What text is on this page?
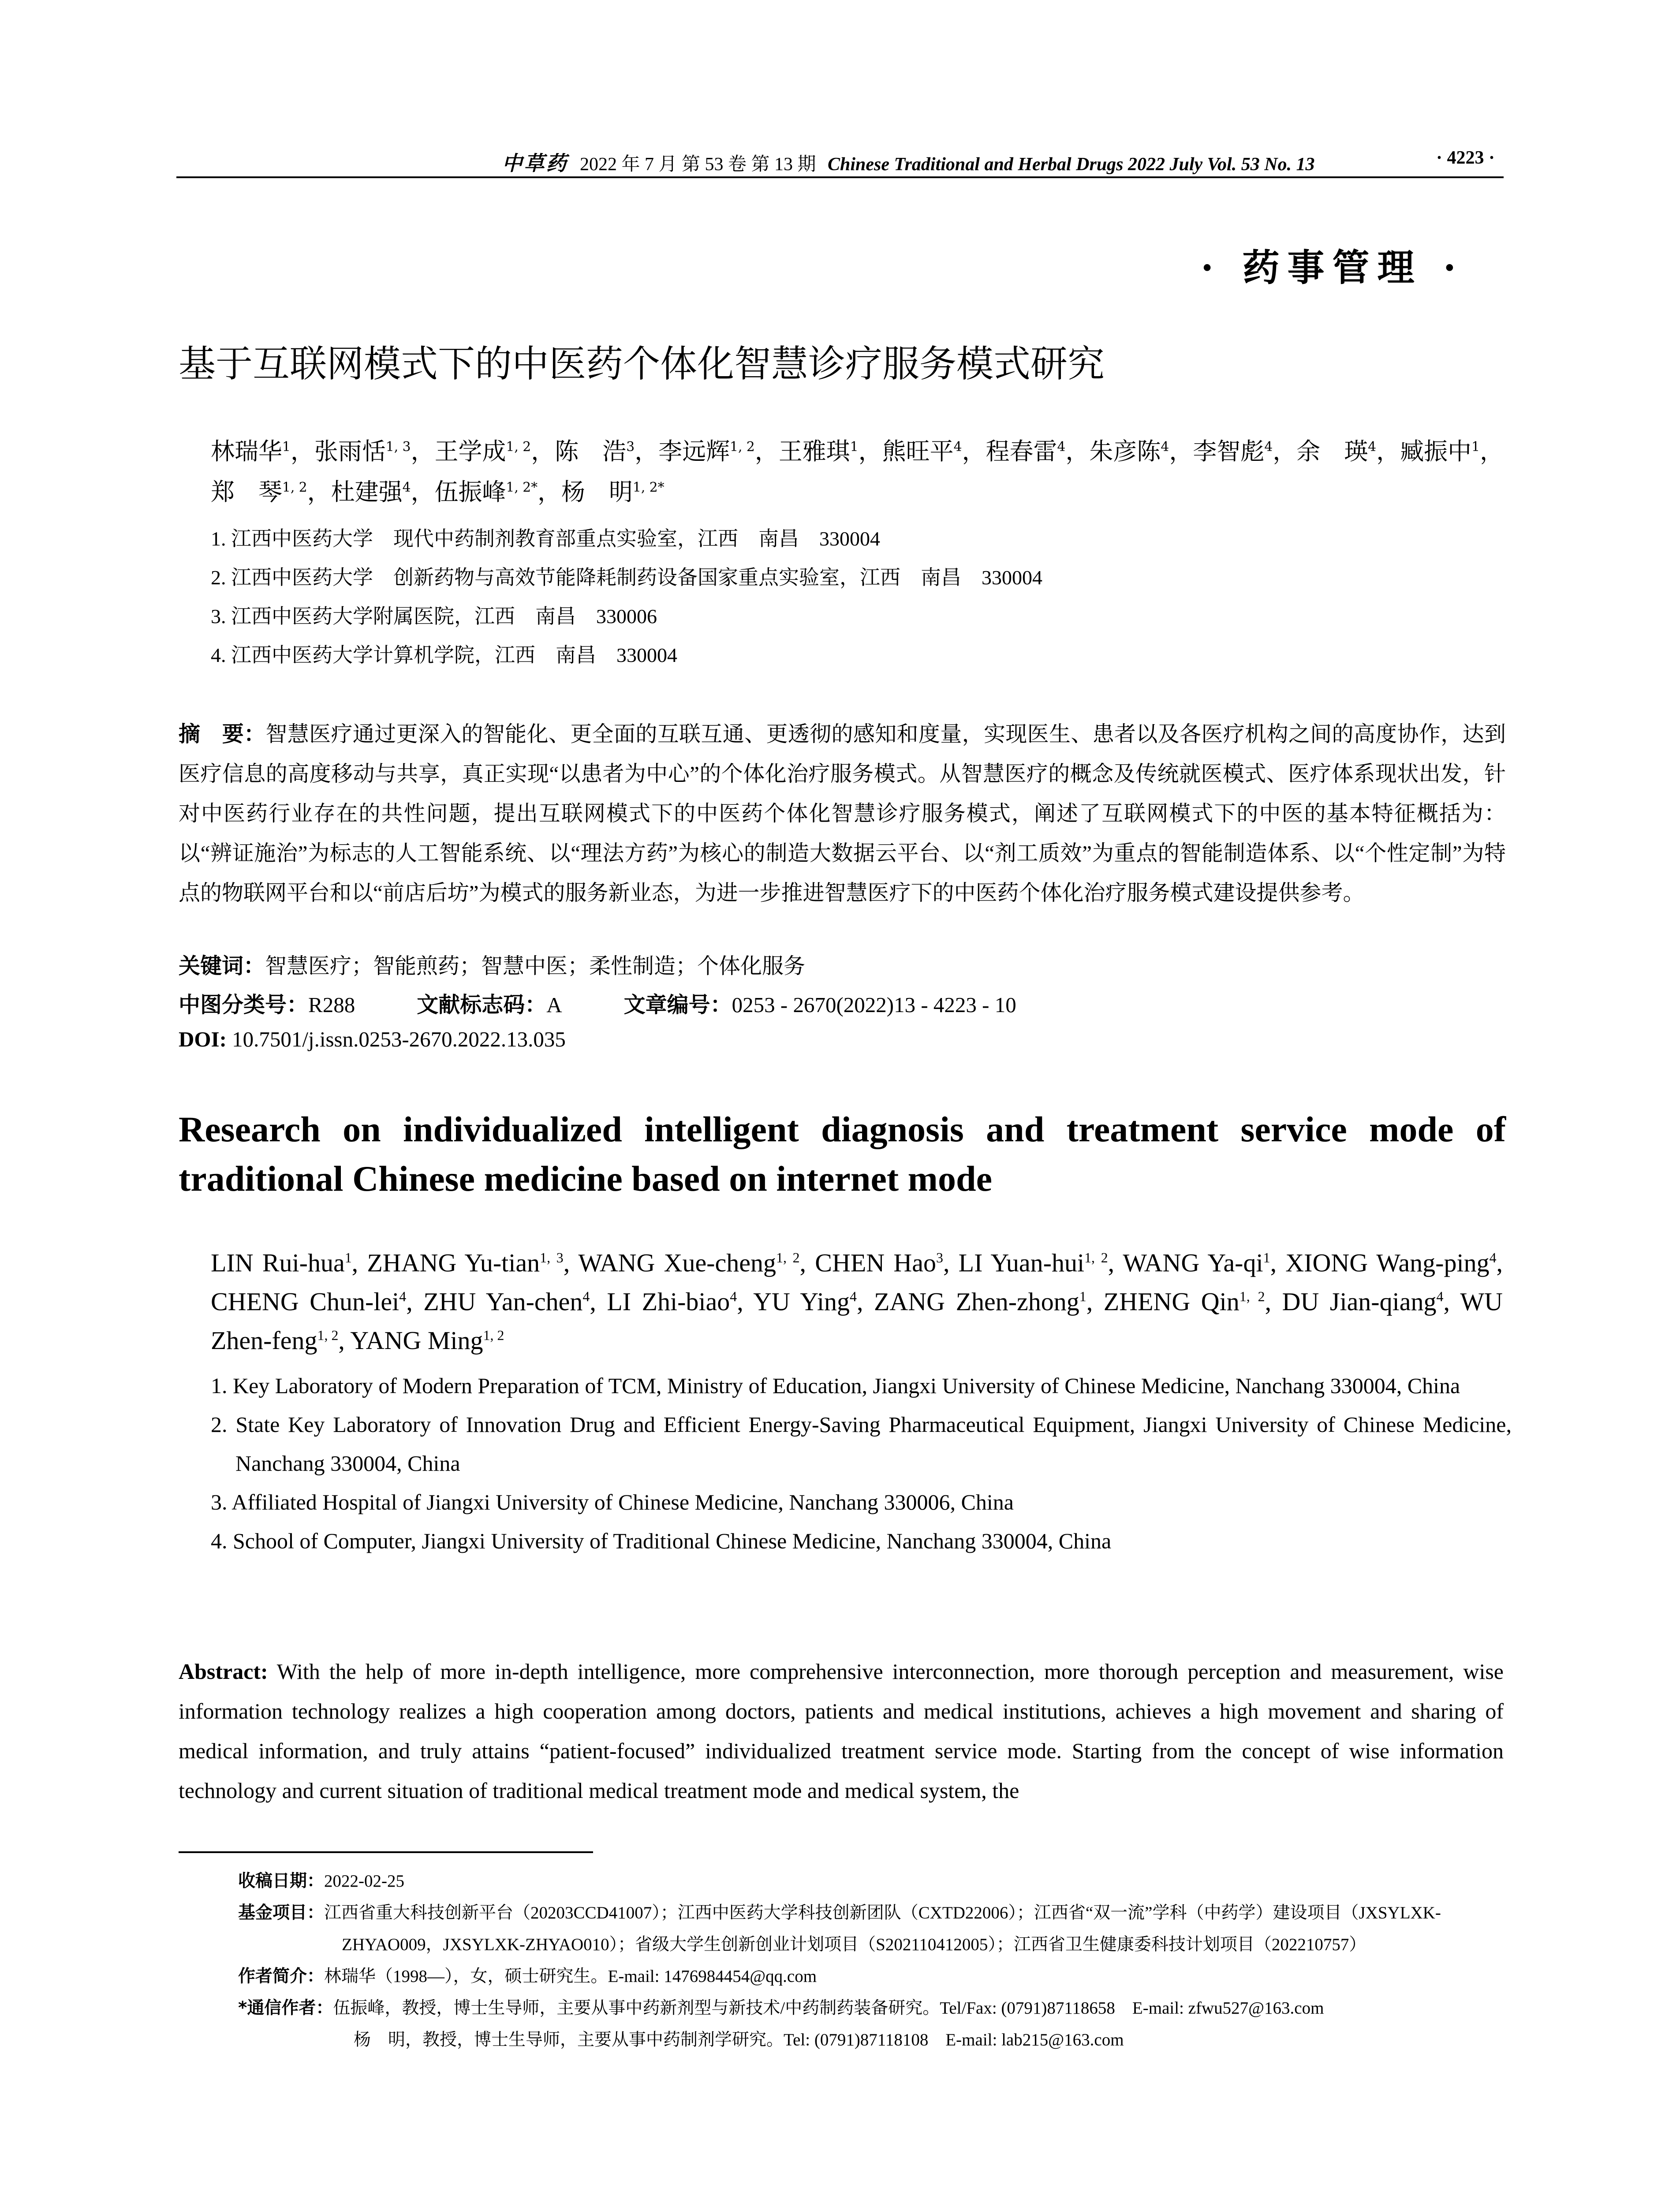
中草药 2022 年 7 月 第 53 卷 第 13 期 Chinese Traditional and Herbal Drugs 2022 July Vol. 53 No. 13	· 4223 ·
· 药事管理 ·
基于互联网模式下的中医药个体化智慧诊疗服务模式研究
林瑞华$^1$，张雨恬$^{1, 3}$，王学成$^{1, 2}$，陈　浩$^3$，李远辉$^{1, 2}$，王雅琪$^1$，熊旺平$^4$，程春雷$^4$，朱彦陈$^4$，李智彪$^4$，余　瑛$^4$，臧振中$^1$，郑　琴$^{1, 2}$，杜建强$^4$，伍振峰$^{1, 2*}$，杨　明$^{1, 2*}$
1. 江西中医药大学　现代中药制剂教育部重点实验室，江西　南昌　330004
2. 江西中医药大学　创新药物与高效节能降耗制药设备国家重点实验室，江西　南昌　330004
3. 江西中医药大学附属医院，江西　南昌　330006
4. 江西中医药大学计算机学院，江西　南昌　330004

摘　要：智慧医疗通过更深入的智能化、更全面的互联互通、更透彻的感知和度量，实现医生、患者以及各医疗机构之间的高度协作，达到医疗信息的高度移动与共享，真正实现“以患者为中心”的个体化治疗服务模式。从智慧医疗的概念及传统就医模式、医疗体系现状出发，针对中医药行业存在的共性问题，提出互联网模式下的中医药个体化智慧诊疗服务模式，阐述了互联网模式下的中医的基本特征概括为：以“辨证施治”为标志的人工智能系统、以“理法方药”为核心的制造大数据云平台、以“剂工质效”为重点的智能制造体系、以“个性定制”为特点的物联网平台和以“前店后坊”为模式的服务新业态，为进一步推进智慧医疗下的中医药个体化治疗服务模式建设提供参考。

关键词：智慧医疗；智能煎药；智慧中医；柔性制造；个体化服务
中图分类号：R288	文献标志码：A	文章编号：0253 - 2670(2022)13 - 4223 - 10
DOI: 10.7501/j.issn.0253-2670.2022.13.035

Research on individualized intelligent diagnosis and treatment service mode of traditional Chinese medicine based on internet mode

LIN Rui-hua$^1$, ZHANG Yu-tian$^{1, 3}$, WANG Xue-cheng$^{1, 2}$, CHEN Hao$^3$, LI Yuan-hui$^{1, 2}$, WANG $Ya-qi^1$, XIONG Wang-ping$^4$, CHENG Chun-lei$^4$, ZHU Yan-chen$^4$, LI Zhi-biao$^4$, YU Ying$^4$, ZANG Zhen-zhong$^1$, ZHENG Qin$^{1, 2}$, DU Jian-qiang$^4$, WU Zhen-feng$^{1, 2}$, YANG Ming$^{1, 2}$

1. Key Laboratory of Modern Preparation of TCM, Ministry of Education, Jiangxi University of Chinese Medicine, Nanchang 330004, China
2. State Key Laboratory of Innovation Drug and Efficient Energy-Saving Pharmaceutical Equipment, Jiangxi University of Chinese Medicine, Nanchang 330004, China
3. Affiliated Hospital of Jiangxi University of Chinese Medicine, Nanchang 330006, China
4. School of Computer, Jiangxi University of Traditional Chinese Medicine, Nanchang 330004, China

Abstract: With the help of more in-depth intelligence, more comprehensive interconnection, more thorough perception and measurement, wise information technology realizes a high cooperation among doctors, patients and medical institutions, achieves a high movement and sharing of medical information, and truly attains “patient-focused” individualized treatment service mode. Starting from the concept of wise information technology and current situation of traditional medical treatment mode and medical system, the

收稿日期：2022-02-25
基金项目：江西省重大科技创新平台（20203CCD41007）；江西中医药大学科技创新团队（CXTD22006）；江西省“双一流”学科（中药学）建设项目（JXSYLXK-ZHYAO009，JXSYLXK-ZHYAO010）；省级大学生创新创业计划项目（S202110412005）；江西省卫生健康委科技计划项目（202210757）
作者简介：林瑞华（1998—），女，硕士研究生。E-mail: 1476984454@qq.com
*通信作者：伍振峰，教授，博士生导师，主要从事中药新剂型与新技术/中药制药装备研究。Tel/Fax: (0791)87118658　E-mail: zfwu527@163.com
杨　明，教授，博士生导师，主要从事中药制剂学研究。Tel: (0791)87118108　E-mail: lab215@163.com
